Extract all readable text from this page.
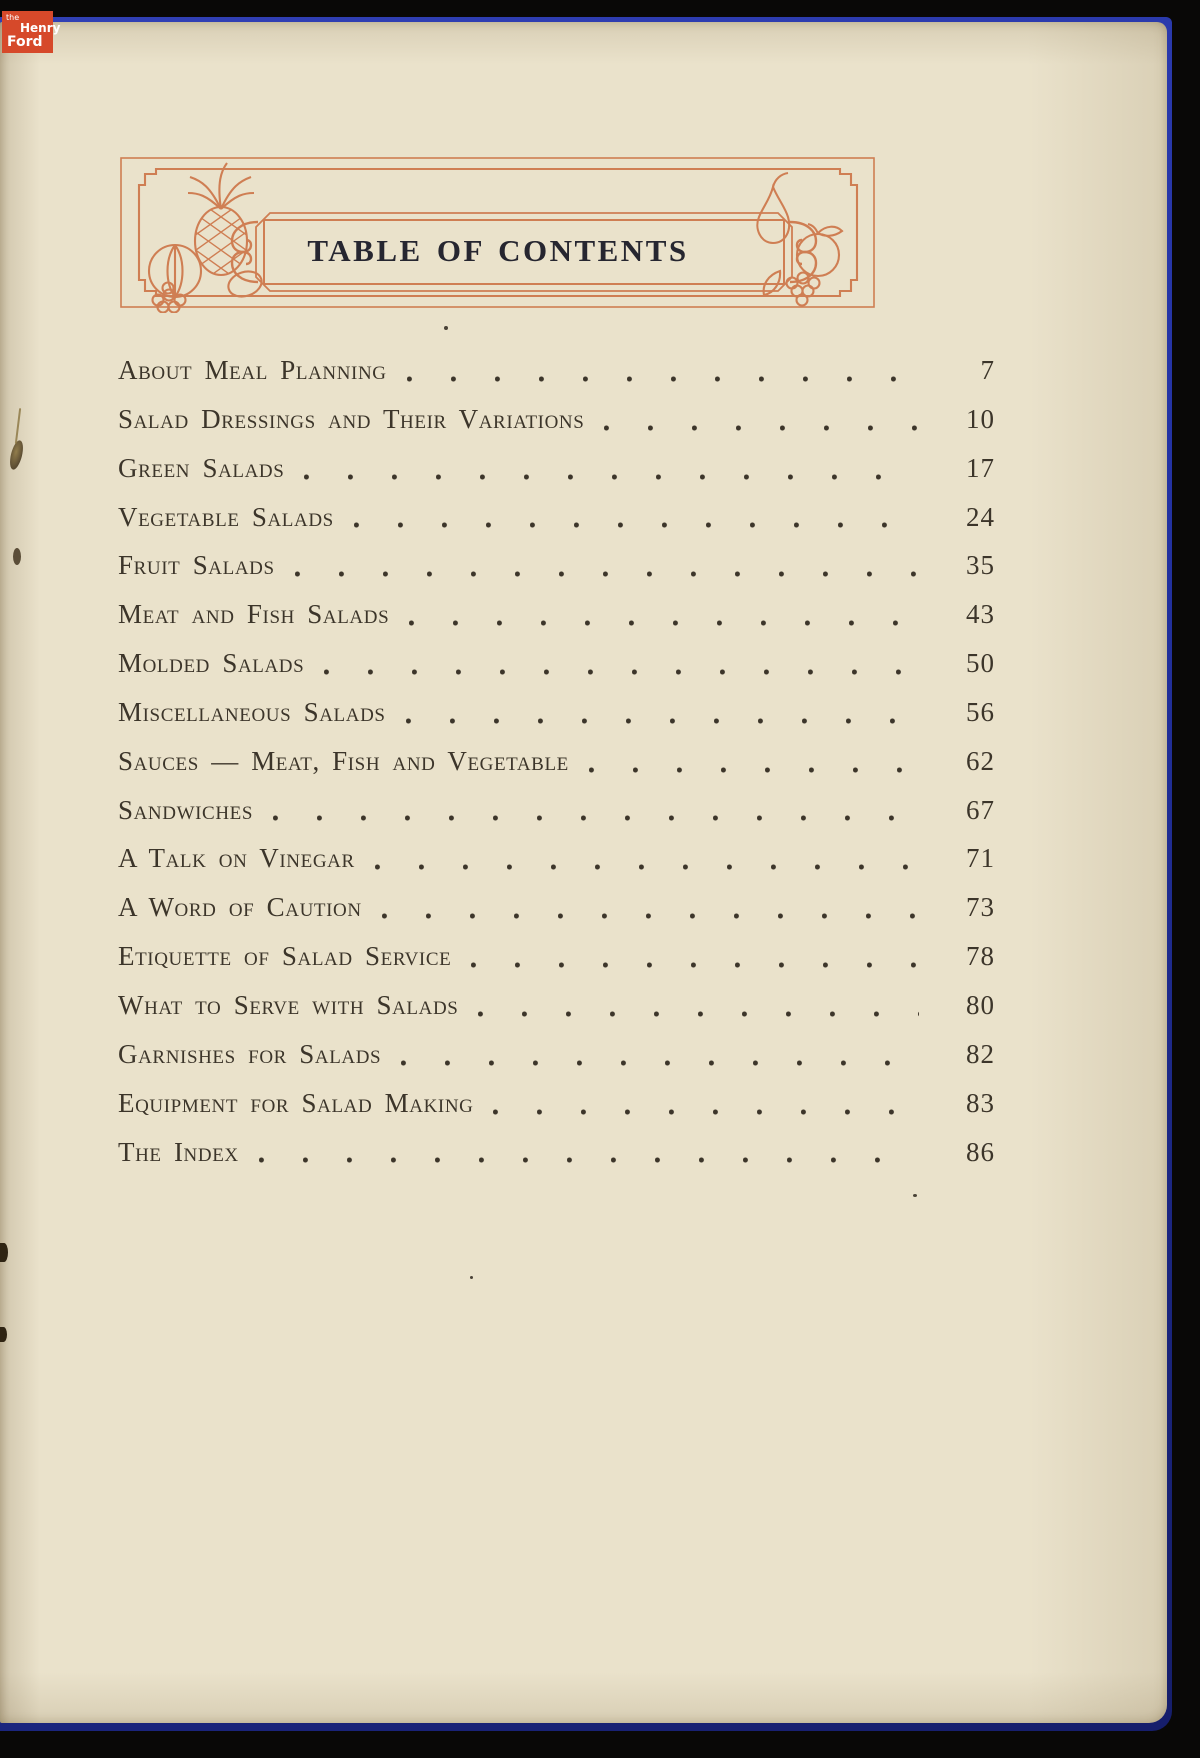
the
Henry
Ford
TABLE OF CONTENTS
About Meal Planning	7
Salad Dressings and Their Variations	10
Green Salads	17
Vegetable Salads	24
Fruit Salads	35
Meat and Fish Salads	43
Molded Salads	50
Miscellaneous Salads	56
Sauces — Meat, Fish and Vegetable	62
Sandwiches	67
A Talk on Vinegar	71
A Word of Caution	73
Etiquette of Salad Service	78
What to Serve with Salads	80
Garnishes for Salads	82
Equipment for Salad Making	83
The Index	86
